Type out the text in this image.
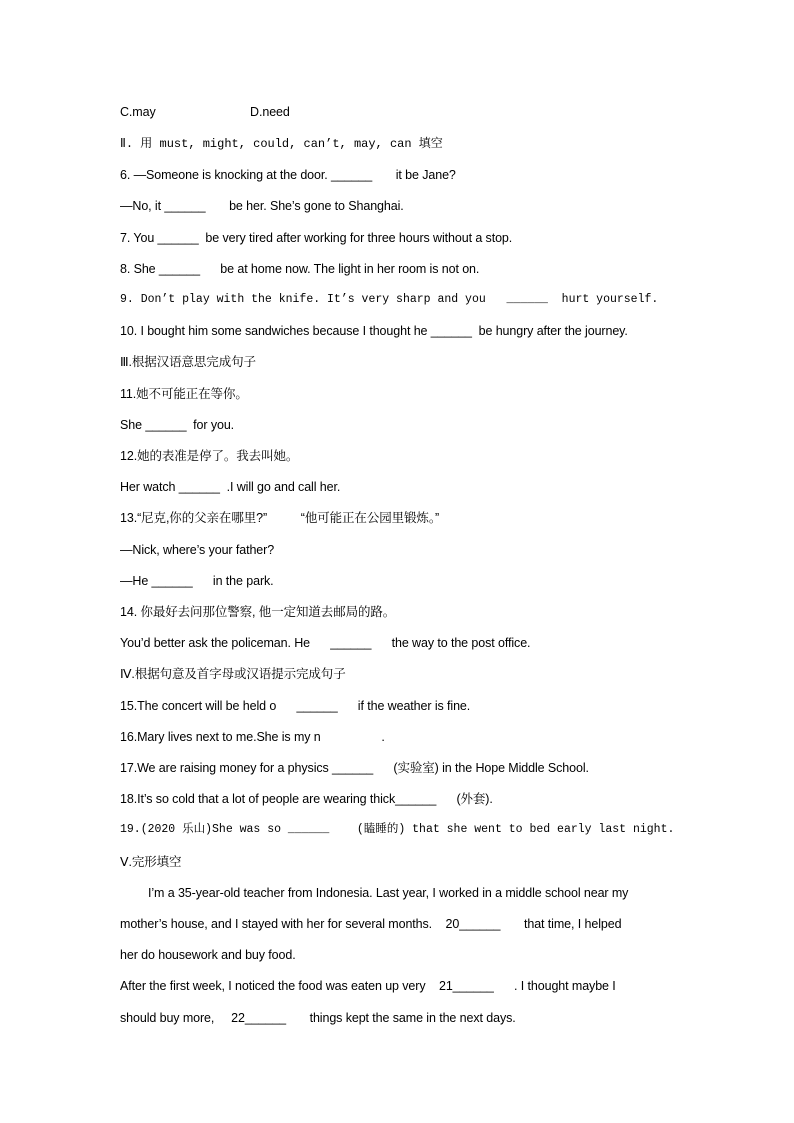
C.may                            D.need
Ⅱ. 用 must, might, could, can’t, may, can 填空
6. —Someone is knocking at the door. ______       it be Jane?
—No, it ______       be her. She’s gone to Shanghai.
7. You ______  be very tired after working for three hours without a stop.
8. She ______      be at home now. The light in her room is not on.
9. Don’t play with the knife. It’s very sharp and you   ______  hurt yourself.
10. I bought him some sandwiches because I thought he ______  be hungry after the journey.
Ⅲ.根据汉语意思完成句子
11.她不可能正在等你。
She ______  for you.
12.她的表准是停了。我去叫她。
Her watch ______  .I will go and call her.
13.“尼克,你的父亲在哪里?”          “他可能正在公园里锻炼。”
—Nick, where’s your father?
—He ______      in the park.
14. 你最好去问那位警察, 他一定知道去邮局的路。
You’d better ask the policeman. He      ______      the way to the post office.
Ⅳ.根据句意及首字母或汉语提示完成句子
15.The concert will be held o      ______      if the weather is fine.
16.Mary lives next to me.She is my n                  .
17.We are raising money for a physics ______      (实验室) in the Hope Middle School.
18.It’s so cold that a lot of people are wearing thick______      (外套).
19.(2020 乐山)She was so ______    (瞌睡的) that she went to bed early last night.
Ⅴ.完形填空
I’m a 35-year-old teacher from Indonesia. Last year, I worked in a middle school near my
mother’s house, and I stayed with her for several months.    20______       that time, I helped
her do housework and buy food.
After the first week, I noticed the food was eaten up very    21______      . I thought maybe I
should buy more,     22______       things kept the same in the next days.
